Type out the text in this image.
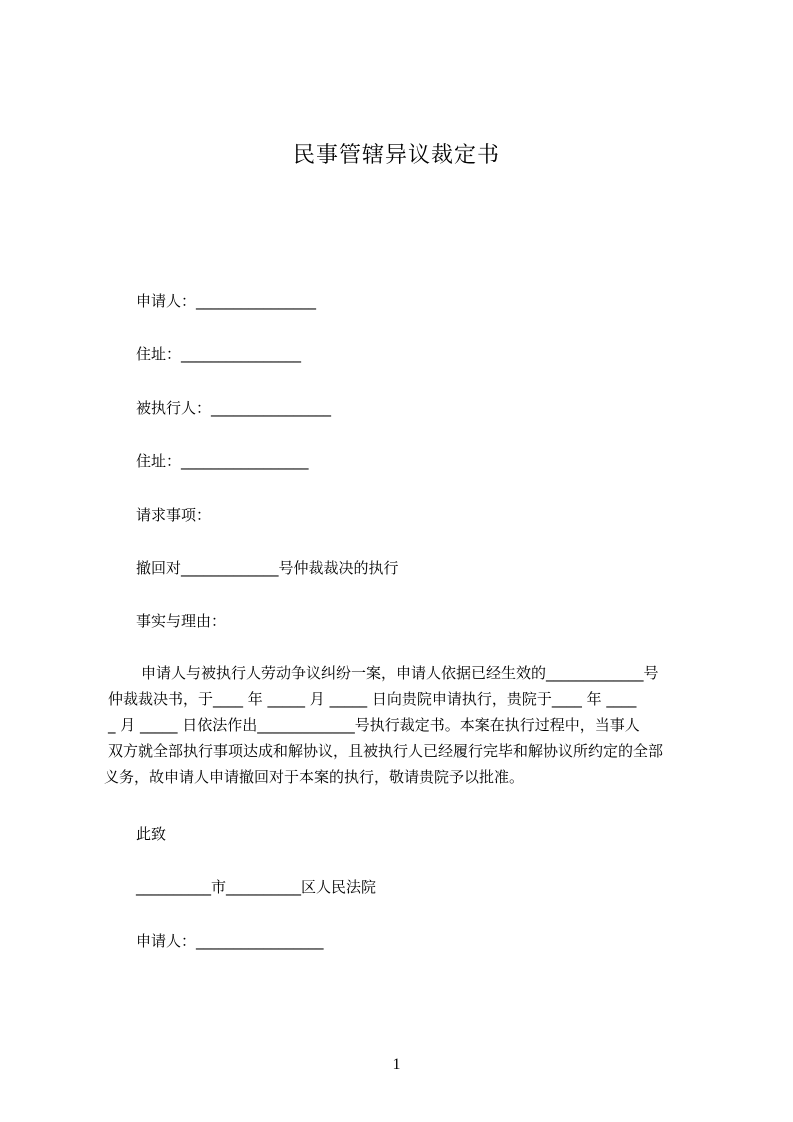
民事管辖异议裁定书
申请人：________________
住址：________________
被执行人：________________
住址：_________________
请求事项：
撤回对_____________号仲裁裁决的执行
事实与理由：
申请人与被执行人劳动争议纠纷一案，申请人依据已经生效的_____________号
仲裁裁决书，于____ 年 _____ 月 _____ 日向贵院申请执行，贵院于____ 年 ____
_ 月 _____ 日依法作出_____________号执行裁定书。本案在执行过程中，当事人
双方就全部执行事项达成和解协议，且被执行人已经履行完毕和解协议所约定的全部
义务，故申请人申请撤回对于本案的执行，敬请贵院予以批准。
此致
__________市__________区人民法院
申请人：_________________
1
